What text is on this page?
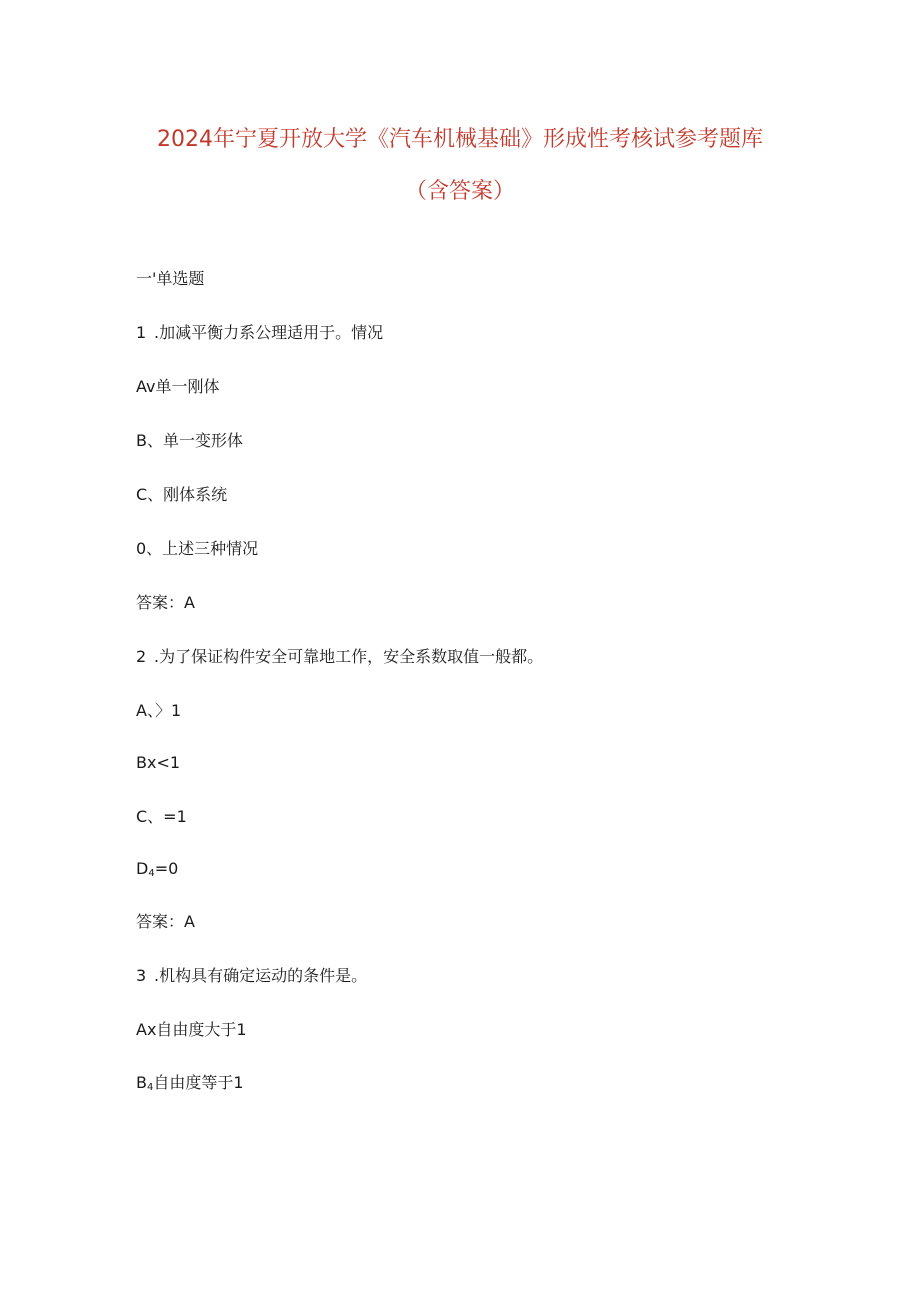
2024年宁夏开放大学《汽车机械基础》形成性考核试参考题库
（含答案）
一'单选题
1 .加减平衡力系公理适用于。情况
Av单一刚体
B、单一变形体
C、刚体系统
0、上述三种情况
答案：A
2 .为了保证构件安全可靠地工作，安全系数取值一般都。
A、〉1
Bx<1
C、=1
$D_4=0$
答案：A
3 .机构具有确定运动的条件是。
Ax自由度大于1
$B_4$自由度等于1
